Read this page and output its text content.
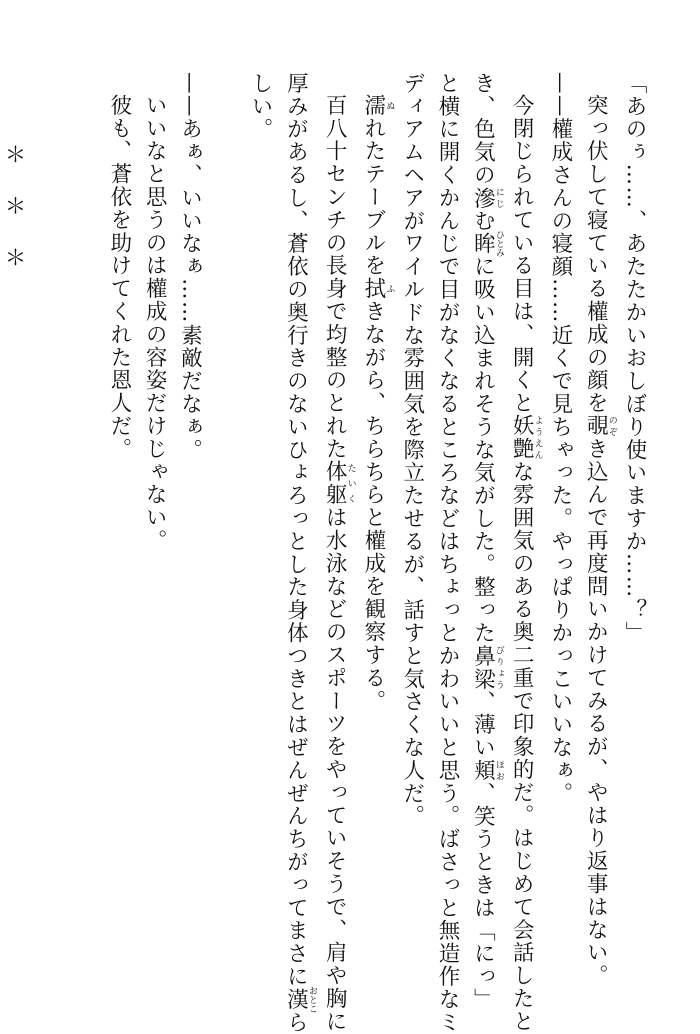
「あのぅ……、あたたかいおしぼり使いますか……？」
突っ伏して寝ている權成の顔を覗のぞき込んで再度問いかけてみるが、やはり返事はない。
——權成さんの寝顔……近くで見ちゃった。やっぱりかっこいいなぁ。
今閉じられている目は、開くと妖艶ようえんな雰囲気のある奥二重で印象的だ。はじめて会話したと
き、色気の滲にじむ眸ひとみに吸い込まれそうな気がした。整った鼻梁びりょう、薄い頬ほお、笑うときは「にっ」
と横に開くかんじで目がなくなるところなどはちょっとかわいいと思う。ばさっと無造作なミ
ディアムヘアがワイルドな雰囲気を際立たせるが、話すと気さくな人だ。
濡ぬれたテーブルを拭ふきながら、ちらちらと權成を観察する。
百八十センチの長身で均整のとれた体躯たいくは水泳などのスポーツをやっていそうで、肩や胸に
厚みがあるし、蒼依の奥行きのないひょろっとした身体つきとはぜんぜんちがってまさに漢おとこら
しい。

——あぁ、いいなぁ……素敵だなぁ。
いいなと思うのは權成の容姿だけじゃない。
彼も、蒼依を助けてくれた恩人だ。

＊＊＊
